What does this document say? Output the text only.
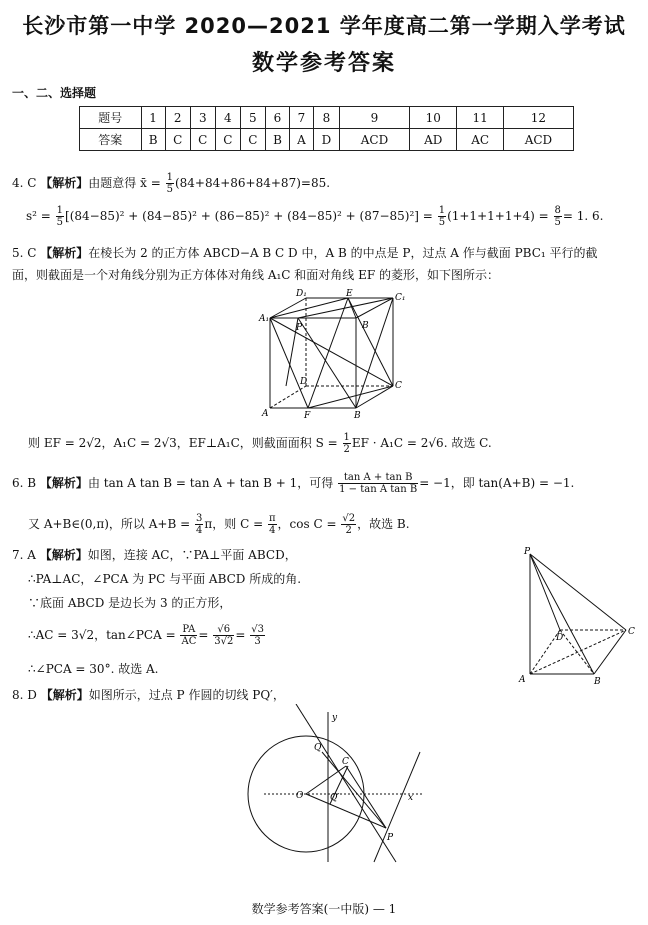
长沙市第一中学 2020—2021 学年度高二第一学期入学考试
数学参考答案
一、二、选择题
题号	1	2	3	4	5	6	7	8	9	10	11	12
答案	B	C	C	C	C	B	A	D	ACD	AD	AC	ACD
4. C 【解析】由题意得 x̄ = $\frac{1}{5} (84+84+86+84+87)=85$.
$s^2 = \frac{1}{5} [(84-85)^2 + (84-85)^2 + (86-85)^2 + (84-85)^2 + (87-85)^2] = \frac{1}{5} (1+1+1+1+4) = \frac{8}{5} = 1$. 6.
5. C 【解析】在棱长为 2 的正方体 ABCD−A B C D 中，A B 的中点是 P，过点 A 作与截面 PBC₁ 平行的截
面，则截面是一个对角线分别为正方体体对角线 A₁C 和面对角线 EF 的菱形，如下图所示：
D₁	E	C₁
A₁
P	B
D	C
A	F	B
则 EF = 2√2，A₁C = 2√3，EF⊥A₁C，则截面面积 $S = \frac{1}{2}$ EF · A₁C = 2√6. 故选 C.
6. B 【解析】由 tan A tan B = tan A + tan B + 1，可得 $\frac{\text{tan A + tan B}}{\text{1 − tan A tan B}} = -1$，即 tan(A+B) = −1.
又 A+B∈(0,π)，所以 $A+B = \frac{3}{4}$ π，则 $C = \frac{\pi}{4}$ ，$\cos C = \frac{√2}{2}$ ，故选 B.
7. A 【解析】如图，连接 AC，∵PA⊥平面 ABCD，
∴PA⊥AC，∠PCA 为 PC 与平面 ABCD 所成的角.
∵底面 ABCD 是边长为 3 的正方形，
∴AC = 3√2，tan∠PCA = $\frac{PA}{AC} = \frac{√6}{3√2} = \frac{√3}{3}$
∴∠PCA = 30°. 故选 A.
P
D
C
A	B
8. D 【解析】如图所示，过点 P 作圆的切线 PQ′，
Q
y
C
O	x
Q′
P
数学参考答案(一中版) — 1
